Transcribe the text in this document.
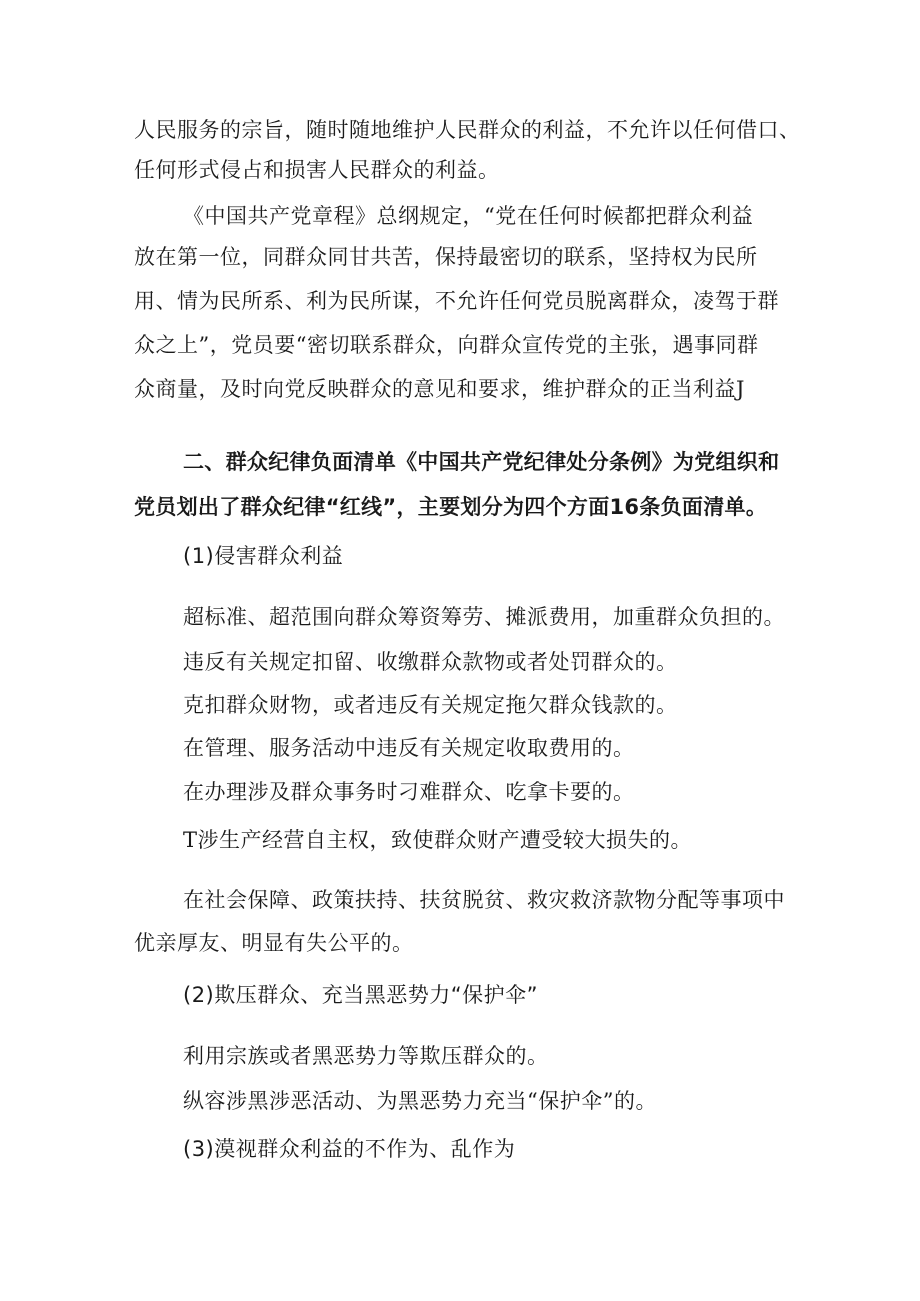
人民服务的宗旨，随时随地维护人民群众的利益，不允许以任何借口、
任何形式侵占和损害人民群众的利益。
《中国共产党章程》总纲规定，“党在任何时候都把群众利益
放在第一位，同群众同甘共苦，保持最密切的联系，坚持权为民所
用、情为民所系、利为民所谋，不允许任何党员脱离群众，凌驾于群
众之上”，党员要“密切联系群众，向群众宣传党的主张，遇事同群
众商量，及时向党反映群众的意见和要求，维护群众的正当利益J
二、群众纪律负面清单《中国共产党纪律处分条例》为党组织和
党员划出了群众纪律“红线”，主要划分为四个方面16条负面清单。
(1)侵害群众利益
超标准、超范围向群众筹资筹劳、摊派费用，加重群众负担的。
违反有关规定扣留、收缴群众款物或者处罚群众的。
克扣群众财物，或者违反有关规定拖欠群众钱款的。
在管理、服务活动中违反有关规定收取费用的。
在办理涉及群众事务时刁难群众、吃拿卡要的。
T涉生产经营自主权，致使群众财产遭受较大损失的。
在社会保障、政策扶持、扶贫脱贫、救灾救济款物分配等事项中
优亲厚友、明显有失公平的。
(2)欺压群众、充当黑恶势力“保护伞”
利用宗族或者黑恶势力等欺压群众的。
纵容涉黑涉恶活动、为黑恶势力充当“保护伞”的。
(3)漠视群众利益的不作为、乱作为
